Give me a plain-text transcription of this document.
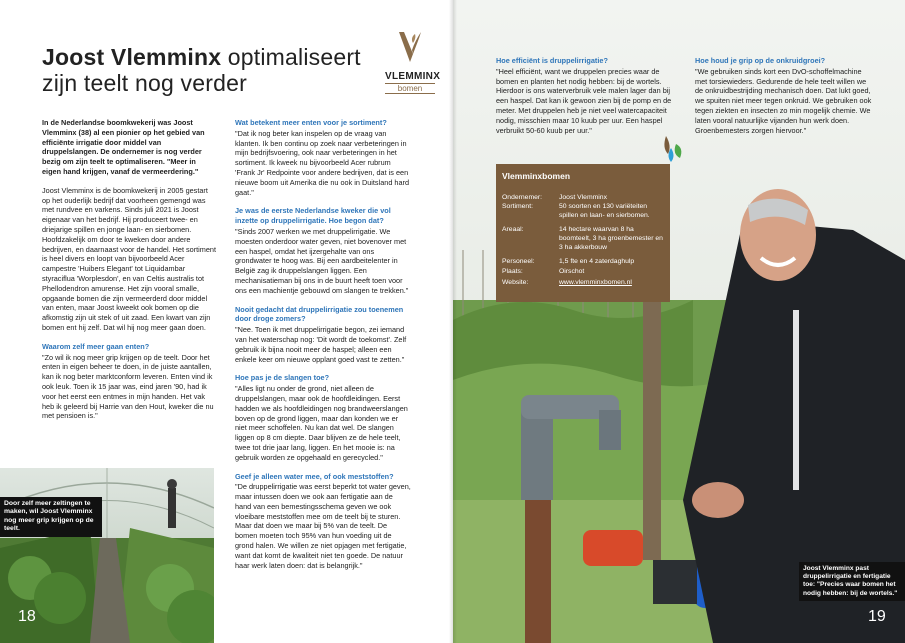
Joost Vlemminx optimaliseert zijn teelt nog verder	VLEMMINX
bomen

In de Nederlandse boomkwekerij was Joost Vlemminx (38) al een pionier op het gebied van efficiënte irrigatie door middel van druppelslangen. De ondernemer is nog verder bezig om zijn teelt te optimaliseren. "Meer in eigen hand krijgen, vanaf de vermeerdering."

Joost Vlemminx is de boomkwekerij in 2005 gestart op het ouderlijk bedrijf dat voorheen gemengd was met rundvee en varkens. Sinds juli 2021 is Joost eigenaar van het bedrijf. Hij produceert twee- en driejarige spillen en jonge laan- en sierbomen. Hoofdzakelijk om door te kweken door andere bedrijven, en daarnaast voor de handel. Het sortiment is heel divers en loopt van bijvoorbeeld Acer campestre 'Huibers Elegant' tot Liquidambar styraciflua 'Worplesdon', en van Celtis australis tot Phellodendron amurense. Het zijn vooral smalle, opgaande bomen die zijn vermeerderd door middel van enten, maar Joost kweekt ook bomen op die afkomstig zijn uit stek of uit zaad. Een kwart van zijn bomen ent hij zelf. Dat wil hij nog meer gaan doen.

Waarom zelf meer gaan enten?

"Zo wil ik nog meer grip krijgen op de teelt. Door het enten in eigen beheer te doen, in de juiste aantallen, kan ik nog beter marktconform leveren. Enten vind ik ook leuk. Toen ik 15 jaar was, eind jaren '90, had ik voor het eerst een entmes in mijn handen. Het vak heb ik geleerd bij Harrie van den Hout, kweker die nu met pensioen is."

Wat betekent meer enten voor je sortiment?

"Dat ik nog beter kan inspelen op de vraag van klanten. Ik ben continu op zoek naar verbeteringen in mijn bedrijfsvoering, ook naar verbeteringen in het sortiment. Ik kweek nu bijvoorbeeld Acer rubrum 'Frank Jr' Redpointe voor andere bedrijven, dat is een nieuwe boom uit Amerika die nu ook in Duitsland hard gaat."

Je was de eerste Nederlandse kweker die vol inzette op druppelirrigatie. Hoe begon dat?

"Sinds 2007 werken we met druppelirrigatie. We moesten onderdoor water geven, niet bovenover met een haspel, omdat het ijzergehalte van ons grondwater te hoog was. Bij een aardbeitelenter in België zag ik druppelslangen liggen. Een mechanisatieman bij ons in de buurt heeft toen voor ons een machientje gebouwd om slangen te trekken."

Nooit gedacht dat druppelirrigatie zou toenemen door droge zomers?

"Nee. Toen ik met druppelirrigatie begon, zei iemand van het waterschap nog: 'Dit wordt de toekomst'. Zelf gebruik ik bijna nooit meer de haspel; alleen een enkele keer om nieuwe opplant goed vast te zetten."

Hoe pas je de slangen toe?

"Alles ligt nu onder de grond, niet alleen de druppelslangen, maar ook de hoofdleidingen. Eerst hadden we als hoofdleidingen nog brandweerslangen boven op de grond liggen, maar dan konden we er niet meer schoffelen. Nu kan dat wel. De slangen liggen op 8 cm diepte. Daar blijven ze de hele teelt, twee tot drie jaar lang, liggen. En het mooie is: na gebruik worden ze opgehaald en gerecycled."

Geef je alleen water mee, of ook meststoffen?

"De druppelirrigatie was eerst beperkt tot water geven, maar intussen doen we ook aan fertigatie aan de hand van een bemestingsschema geven we ook vloeibare meststoffen mee om de teelt bij te sturen. Maar dat doen we maar bij 5% van de teelt. De bomen moeten toch 95% van hun voeding uit de grond halen. We willen ze niet opjagen met fertigatie, want dat komt de kwaliteit niet ten goede. De natuur haar werk laten doen: dat is belangrijk."

Door zelf meer zeltingen te maken, wil Joost Vlemminx nog meer grip krijgen op de teelt.
18

Hoe efficiënt is druppelirrigatie?

"Heel efficiënt, want we druppelen precies waar de bomen en planten het nodig hebben: bij de wortels. Hierdoor is ons waterverbruik vele malen lager dan bij een haspel. Dat kan ik gewoon zien bij de pomp en de meter. Met druppelen heb je niet veel watercapaciteit nodig, misschien maar 10 kuub per uur. Een haspel verbruikt 50-60 kuub per uur."

Hoe houd je grip op de onkruidgroei?

"We gebruiken sinds kort een DvO-schoffelmachine met torsiewieders. Gedurende de hele teelt willen we de onkruidbestrijding mechanisch doen. Dat lukt goed, we spuiten niet meer tegen onkruid. We gebruiken ook tegen ziekten en insecten zo min mogelijk chemie. We laten vooral natuurlijke vijanden hun werk doen. Groenbemesters zorgen hiervoor."

19
Vlemminxbomen
Ondernemer: Joost Vlemminx
Sortiment:	50 soorten en 130 variëteiten spillen en laan- en sierbomen.
Areaal:	14 hectare waarvan 8 ha boomteelt, 3 ha groenbemester en 3 ha akkerbouw
Personeel:	1,5 fte en 4 zaterdaghulp
Plaats:	Oirschot
Website:	www.vlemminxbomen.nl
Joost Vlemminx past druppelirrigatie en fertigatie toe: "Precies waar bomen het nodig hebben: bij de wortels."
